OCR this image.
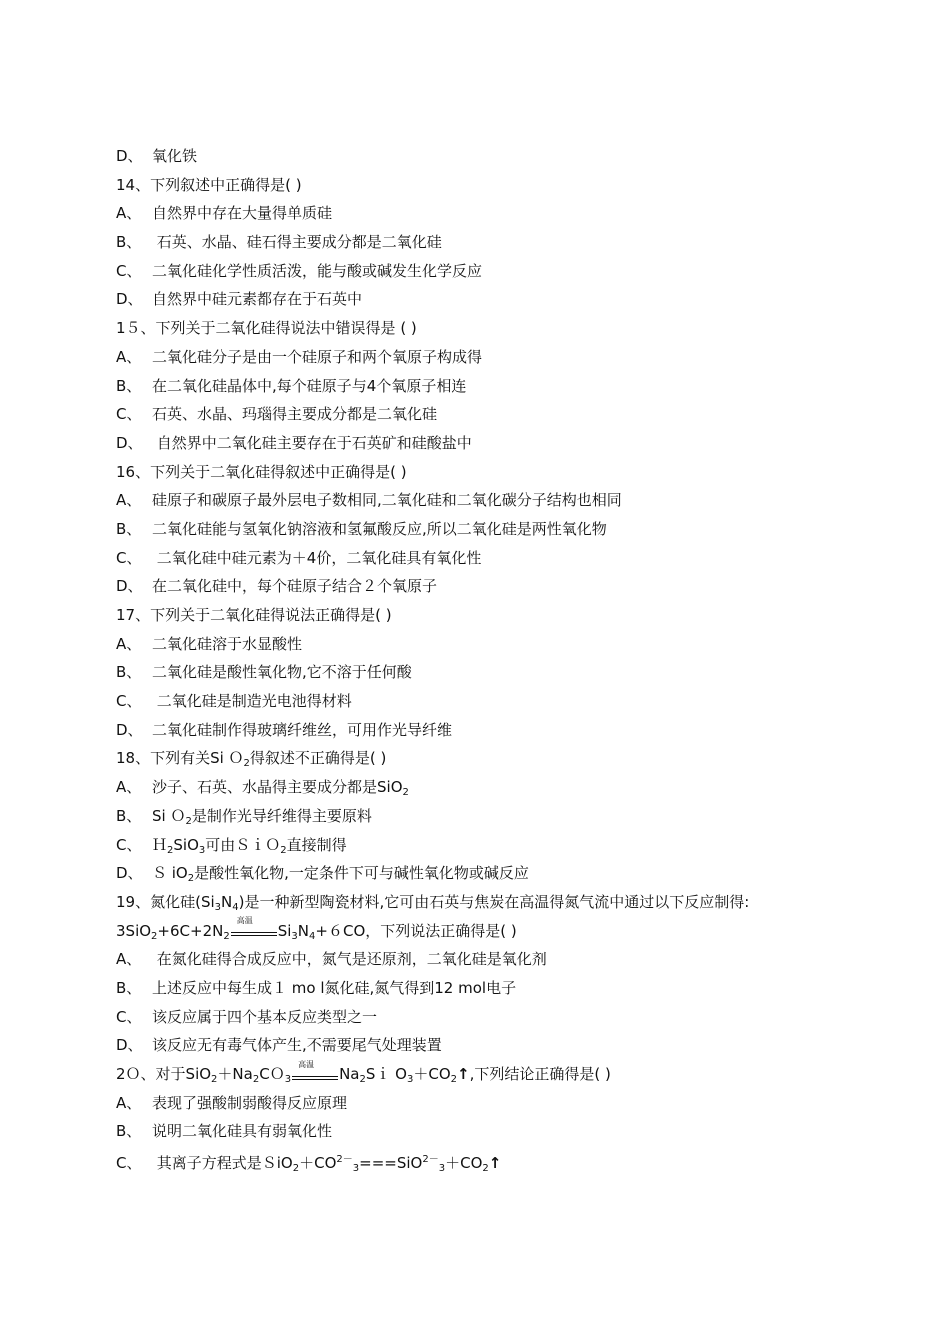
D、 氧化铁
14、下列叙述中正确得是( )
A、 自然界中存在大量得单质硅
B、 石英、水晶、硅石得主要成分都是二氧化硅
C、 二氧化硅化学性质活泼，能与酸或碱发生化学反应
D、 自然界中硅元素都存在于石英中
1５、下列关于二氧化硅得说法中错误得是 ( )
A、 二氧化硅分子是由一个硅原子和两个氧原子构成得
B、 在二氧化硅晶体中,每个硅原子与4个氧原子相连
C、 石英、水晶、玛瑙得主要成分都是二氧化硅
D、 自然界中二氧化硅主要存在于石英矿和硅酸盐中
16、下列关于二氧化硅得叙述中正确得是( )
A、 硅原子和碳原子最外层电子数相同,二氧化硅和二氧化碳分子结构也相同
B、 二氧化硅能与氢氧化钠溶液和氢氟酸反应,所以二氧化硅是两性氧化物
C、 二氧化硅中硅元素为＋4价，二氧化硅具有氧化性
D、 在二氧化硅中，每个硅原子结合２个氧原子
17、下列关于二氧化硅得说法正确得是( )
A、 二氧化硅溶于水显酸性
B、 二氧化硅是酸性氧化物,它不溶于任何酸
C、 二氧化硅是制造光电池得材料
D、 二氧化硅制作得玻璃纤维丝，可用作光导纤维
18、下列有关Si Ｏ$_2$得叙述不正确得是( )
A、 沙子、石英、水晶得主要成分都是SiO$_2$
B、 Si Ｏ$_2$是制作光导纤维得主要原料
C、 Ｈ$_2$SiO$_3$可由ＳｉＯ$_2$直接制得
D、 Ｓ $iO_2$是酸性氧化物,一定条件下可与碱性氧化物或碱反应
19、氮化硅$(Si_3N_4)$是一种新型陶瓷材料,它可由石英与焦炭在高温得氮气流中通过以下反应制得:
$3SiO_2+6C+2N_2$
高温
$Si_3N_4+6CO$，下列说法正确得是( )
A、 在氮化硅得合成反应中，氮气是还原剂，二氧化硅是氧化剂
B、 上述反应中每生成１ mo l氮化硅,氮气得到12 mol电子
C、 该反应属于四个基本反应类型之一
D、 该反应无有毒气体产生,不需要尾气处理装置
2Ｏ、对于$SiO_2+Na_2CO_3$
高温
$Na_2Si$ $O_3+CO_2↑$,下列结论正确得是( )
A、 表现了强酸制弱酸得反应原理
B、 说明二氧化硅具有弱氧化性
C、 其离子方程式是$SiO_2+CO^{2-}_3===SiO^{2-}_3+CO_2↑$
